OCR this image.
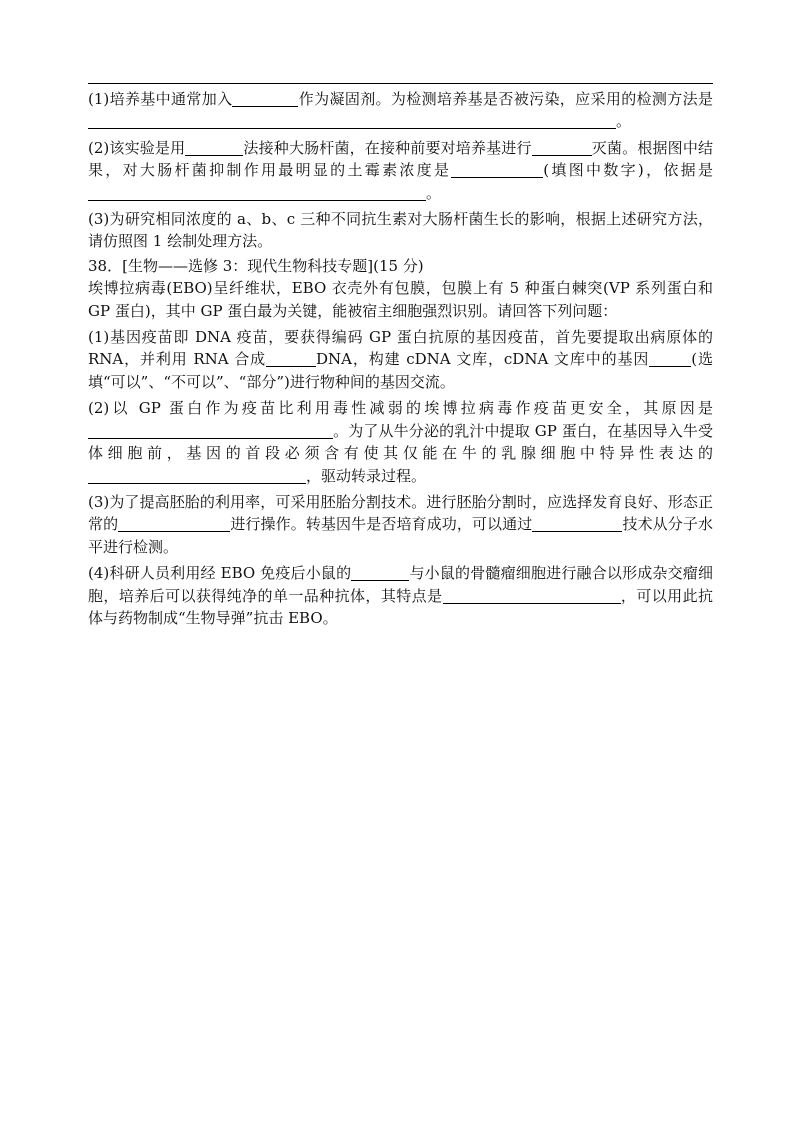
(1)培养基中通常加入	作为凝固剂。为检测培养基是否被污染，应采用的检测方法是。

(2)该实验是用	法接种大肠杆菌，在接种前要对培养基进行	灭菌。根据图中结果，对大肠杆菌抑制作用最明显的土霉素浓度是	(填图中数字)，依据是。

(3)为研究相同浓度的 a、b、c 三种不同抗生素对大肠杆菌生长的影响，根据上述研究方法，请仿照图 1 绘制处理方法。

38．[生物——选修 3：现代生物科技专题](15 分)

埃博拉病毒(EBO)呈纤维状，EBO 衣壳外有包膜，包膜上有 5 种蛋白棘突(VP 系列蛋白和 GP 蛋白)，其中 GP 蛋白最为关键，能被宿主细胞强烈识别。请回答下列问题：

(1)基因疫苗即 DNA 疫苗，要获得编码 GP 蛋白抗原的基因疫苗，首先要提取出病原体的 RNA，并利用 RNA 合成	DNA，构建 cDNA 文库，cDNA 文库中的基因	(选填“可以”、“不可以”、“部分”)进行物种间的基因交流。

(2)以 GP 蛋白作为疫苗比利用毒性减弱的埃博拉病毒作疫苗更安全，其原因是。为了从牛分泌的乳汁中提取 GP 蛋白，在基因导入牛受体细胞前，基因的首段必须含有使其仅能在牛的乳腺细胞中特异性表达的，驱动转录过程。

(3)为了提高胚胎的利用率，可采用胚胎分割技术。进行胚胎分割时，应选择发育良好、形态正常的	进行操作。转基因牛是否培育成功，可以通过	技术从分子水平进行检测。

(4)科研人员利用经 EBO 免疫后小鼠的	与小鼠的骨髓瘤细胞进行融合以形成杂交瘤细胞，培养后可以获得纯净的单一品种抗体，其特点是	，可以用此抗体与药物制成“生物导弹”抗击 EBO。
